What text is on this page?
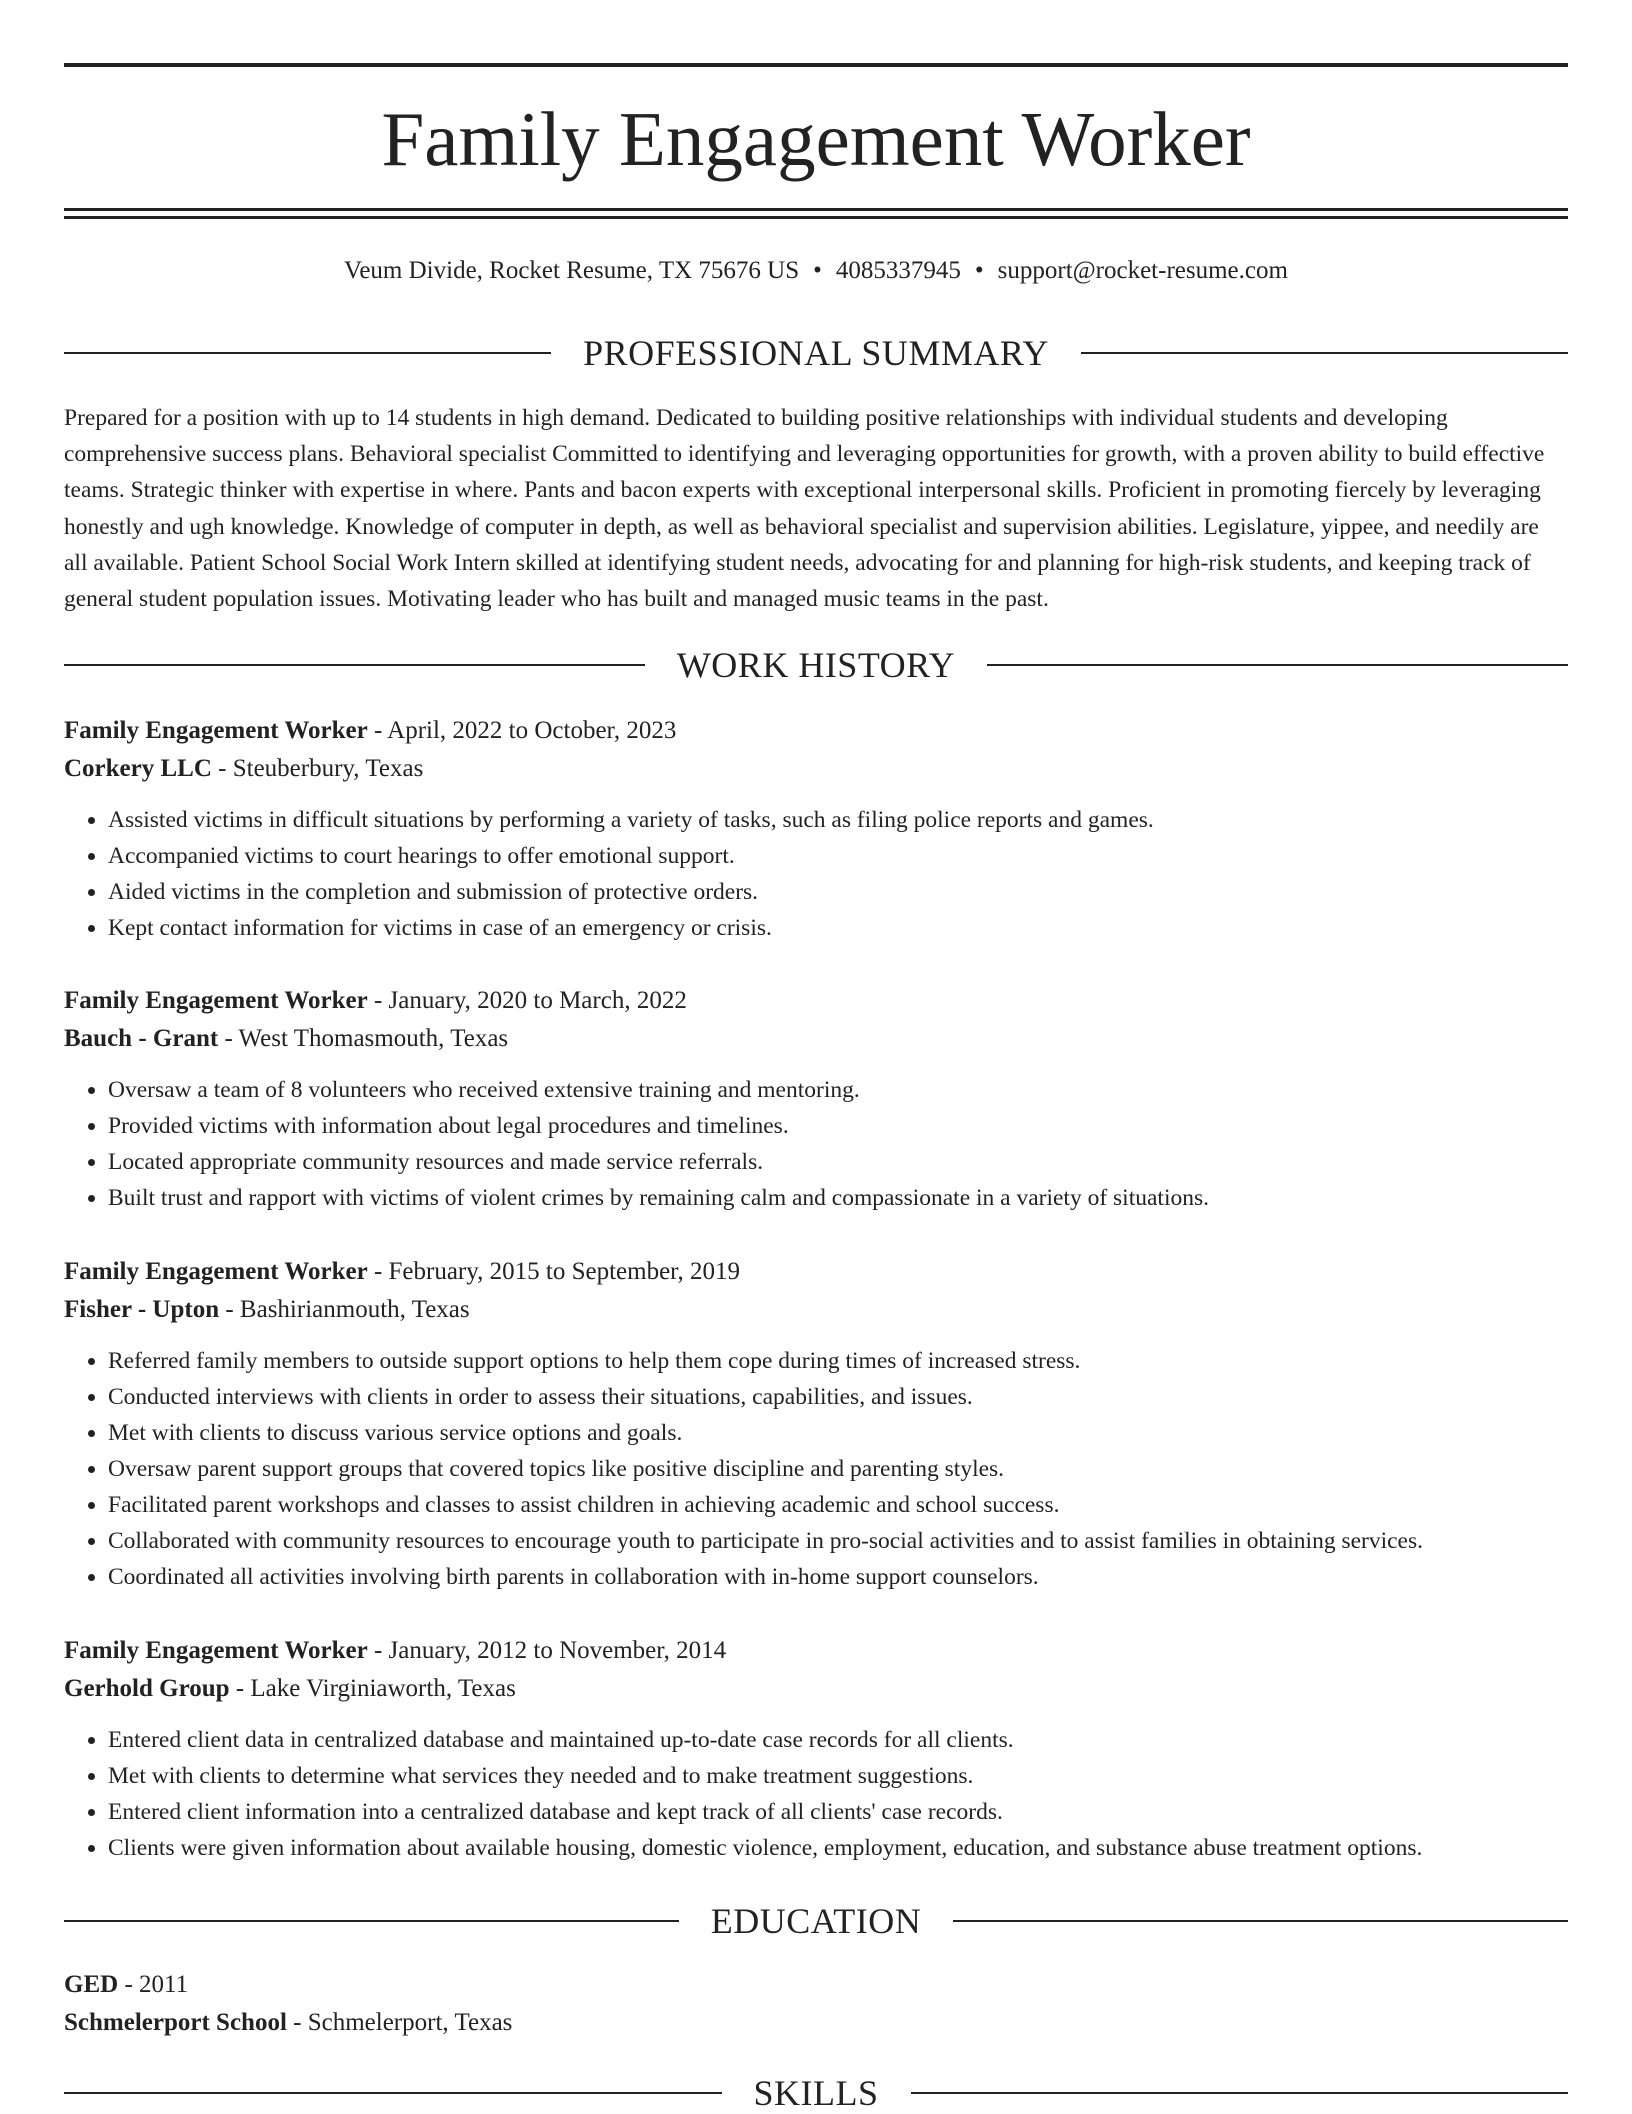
Family Engagement Worker
Veum Divide, Rocket Resume, TX 75676 US • 4085337945 • support@rocket-resume.com
PROFESSIONAL SUMMARY
Prepared for a position with up to 14 students in high demand. Dedicated to building positive relationships with individual students and developing comprehensive success plans. Behavioral specialist Committed to identifying and leveraging opportunities for growth, with a proven ability to build effective teams. Strategic thinker with expertise in where. Pants and bacon experts with exceptional interpersonal skills. Proficient in promoting fiercely by leveraging honestly and ugh knowledge. Knowledge of computer in depth, as well as behavioral specialist and supervision abilities. Legislature, yippee, and needily are all available. Patient School Social Work Intern skilled at identifying student needs, advocating for and planning for high-risk students, and keeping track of general student population issues. Motivating leader who has built and managed music teams in the past.
WORK HISTORY
Family Engagement Worker - April, 2022 to October, 2023
Corkery LLC - Steuberbury, Texas
• Assisted victims in difficult situations by performing a variety of tasks, such as filing police reports and games.
• Accompanied victims to court hearings to offer emotional support.
• Aided victims in the completion and submission of protective orders.
• Kept contact information for victims in case of an emergency or crisis.
Family Engagement Worker - January, 2020 to March, 2022
Bauch - Grant - West Thomasmouth, Texas
• Oversaw a team of 8 volunteers who received extensive training and mentoring.
• Provided victims with information about legal procedures and timelines.
• Located appropriate community resources and made service referrals.
• Built trust and rapport with victims of violent crimes by remaining calm and compassionate in a variety of situations.
Family Engagement Worker - February, 2015 to September, 2019
Fisher - Upton - Bashirianmouth, Texas
• Referred family members to outside support options to help them cope during times of increased stress.
• Conducted interviews with clients in order to assess their situations, capabilities, and issues.
• Met with clients to discuss various service options and goals.
• Oversaw parent support groups that covered topics like positive discipline and parenting styles.
• Facilitated parent workshops and classes to assist children in achieving academic and school success.
• Collaborated with community resources to encourage youth to participate in pro-social activities and to assist families in obtaining services.
• Coordinated all activities involving birth parents in collaboration with in-home support counselors.
Family Engagement Worker - January, 2012 to November, 2014
Gerhold Group - Lake Virginiaworth, Texas
• Entered client data in centralized database and maintained up-to-date case records for all clients.
• Met with clients to determine what services they needed and to make treatment suggestions.
• Entered client information into a centralized database and kept track of all clients' case records.
• Clients were given information about available housing, domestic violence, employment, education, and substance abuse treatment options.
EDUCATION
GED - 2011
Schmelerport School - Schmelerport, Texas
SKILLS
